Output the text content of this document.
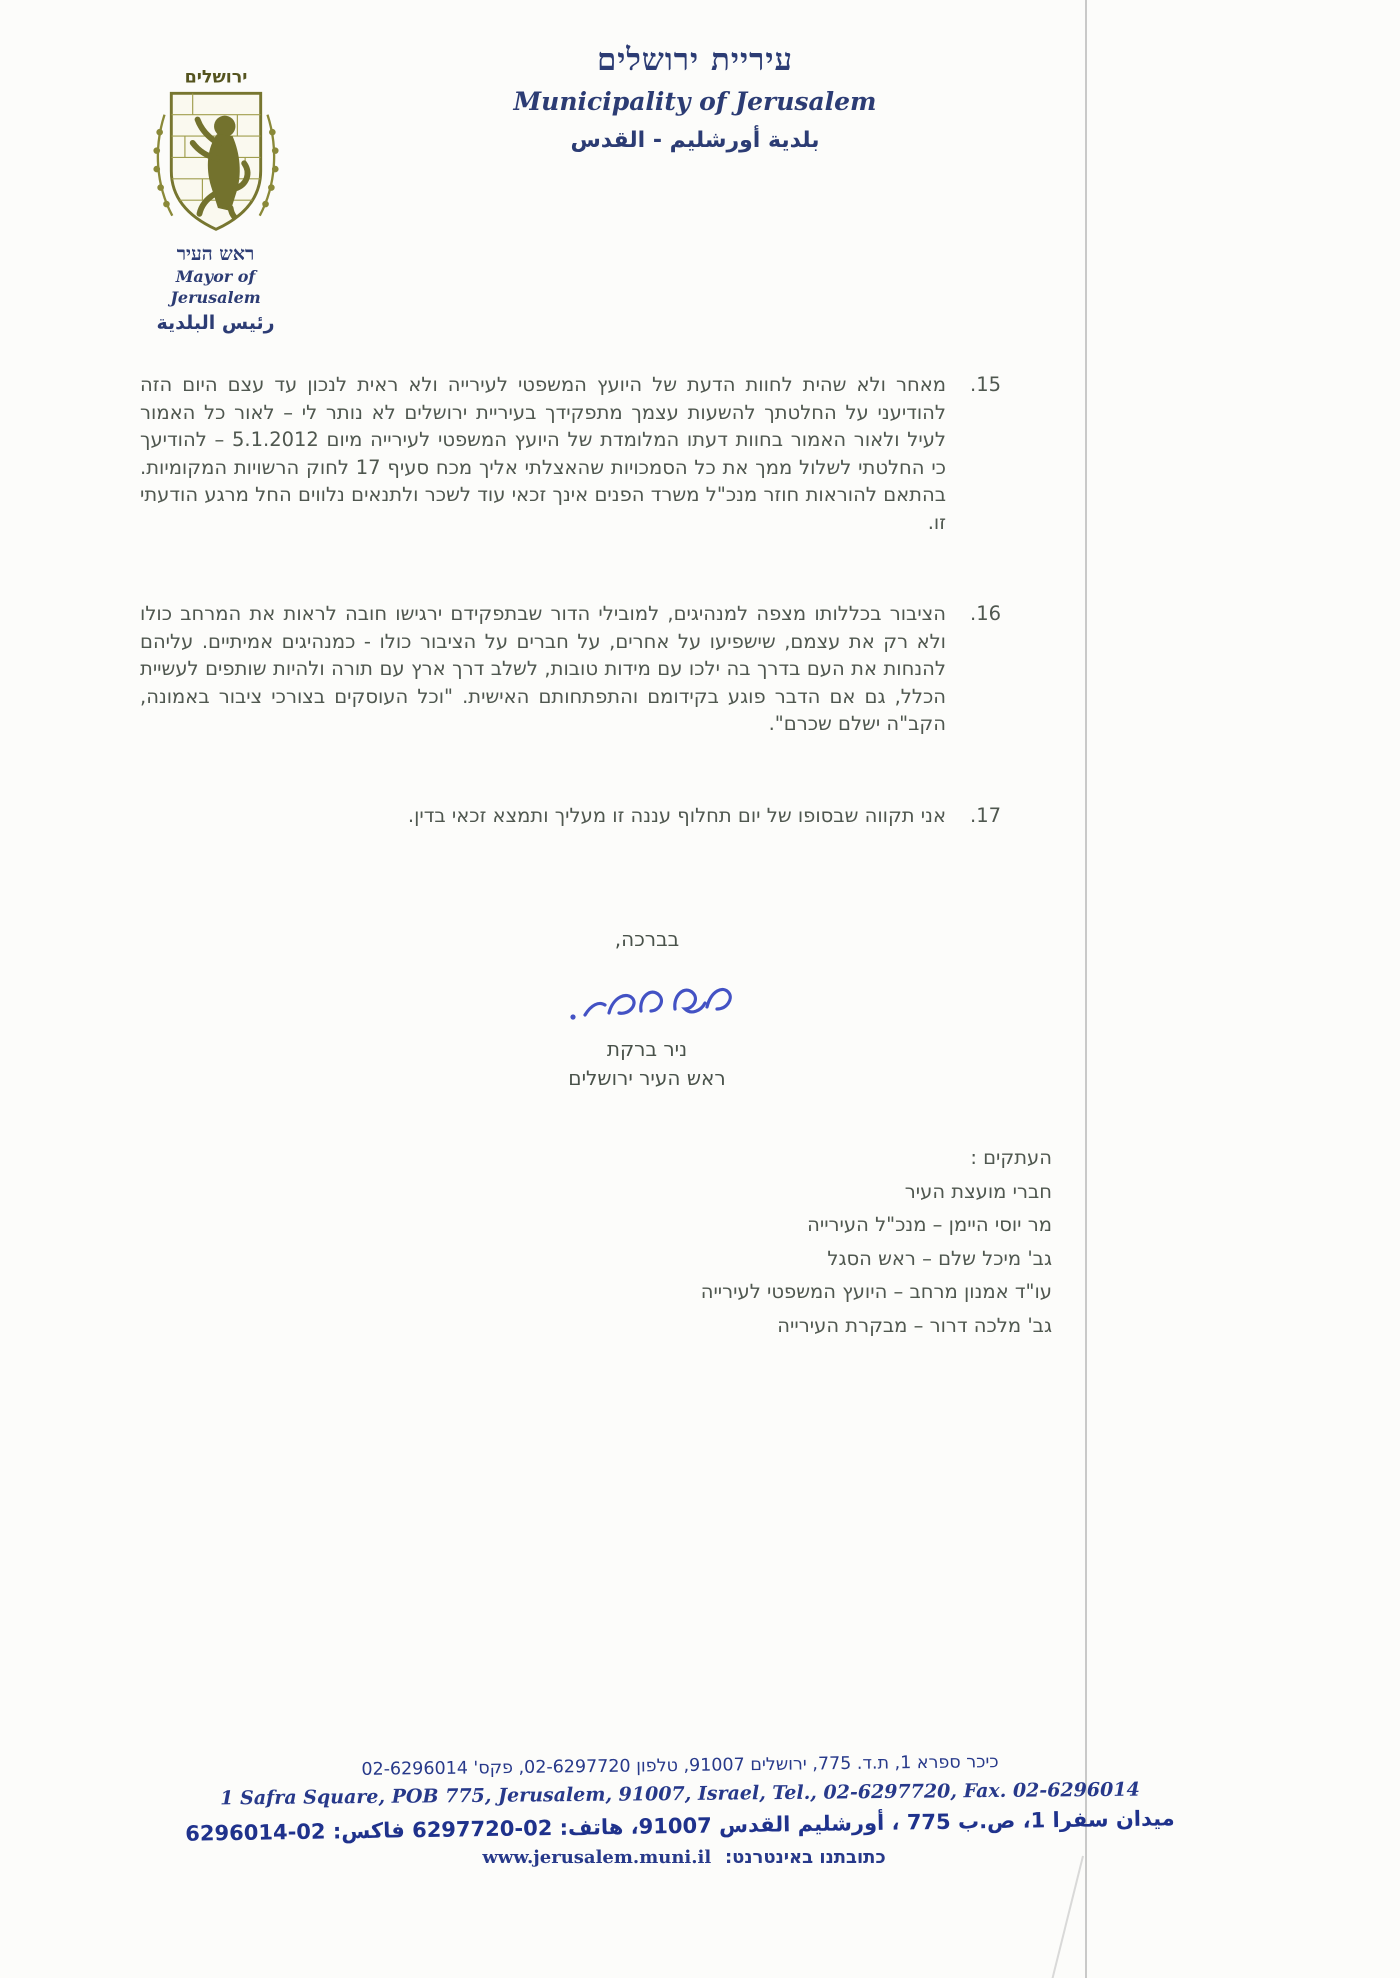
עיריית ירושלים
Municipality of Jerusalem
بلدية أورشليم - القدس
ירושלים
ראש העיר
Mayor of
Jerusalem
رئيس البلدية
.15
מאחר ולא שהית לחוות הדעת של היועץ המשפטי לעירייה ולא ראית לנכון עד עצם היום הזה להודיעני על החלטתך להשעות עצמך מתפקידך בעיריית ירושלים לא נותר לי – לאור כל האמור לעיל ולאור האמור בחוות דעתו המלומדת של היועץ המשפטי לעירייה מיום 5.1.2012 – להודיעך כי החלטתי לשלול ממך את כל הסמכויות שהאצלתי אליך מכח סעיף 17 לחוק הרשויות המקומיות. בהתאם להוראות חוזר מנכ"ל משרד הפנים אינך זכאי עוד לשכר ולתנאים נלווים החל מרגע הודעתי זו.
.16
הציבור בכללותו מצפה למנהיגים, למובילי הדור שבתפקידם ירגישו חובה לראות את המרחב כולו ולא רק את עצמם, שישפיעו על אחרים, על חברים על הציבור כולו - כמנהיגים אמיתיים. עליהם להנחות את העם בדרך בה ילכו עם מידות טובות, לשלב דרך ארץ עם תורה ולהיות שותפים לעשיית הכלל, גם אם הדבר פוגע בקידומם והתפתחותם האישית. "וכל העוסקים בצורכי ציבור באמונה, הקב"ה ישלם שכרם".
.17
אני תקווה שבסופו של יום תחלוף עננה זו מעליך ותמצא זכאי בדין.
בברכה,
ניר ברקת
ראש העיר ירושלים
העתקים :
חברי מועצת העיר
מר יוסי היימן – מנכ"ל העירייה
גב' מיכל שלם – ראש הסגל
עו"ד אמנון מרחב – היועץ המשפטי לעירייה
גב' מלכה דרור – מבקרת העירייה
כיכר ספרא 1, ת.ד. 775, ירושלים 91007, טלפון 02-6297720, פקס' 02-6296014
1 Safra Square, POB 775, Jerusalem, 91007, Israel, Tel., 02-6297720, Fax. 02-6296014
ميدان سفرا 1، ص.ب 775 ، أورشليم القدس 91007، هاتف: 02-6297720 فاكس: 02-6296014
כתובתנו באינטרנט: www.jerusalem.muni.il
